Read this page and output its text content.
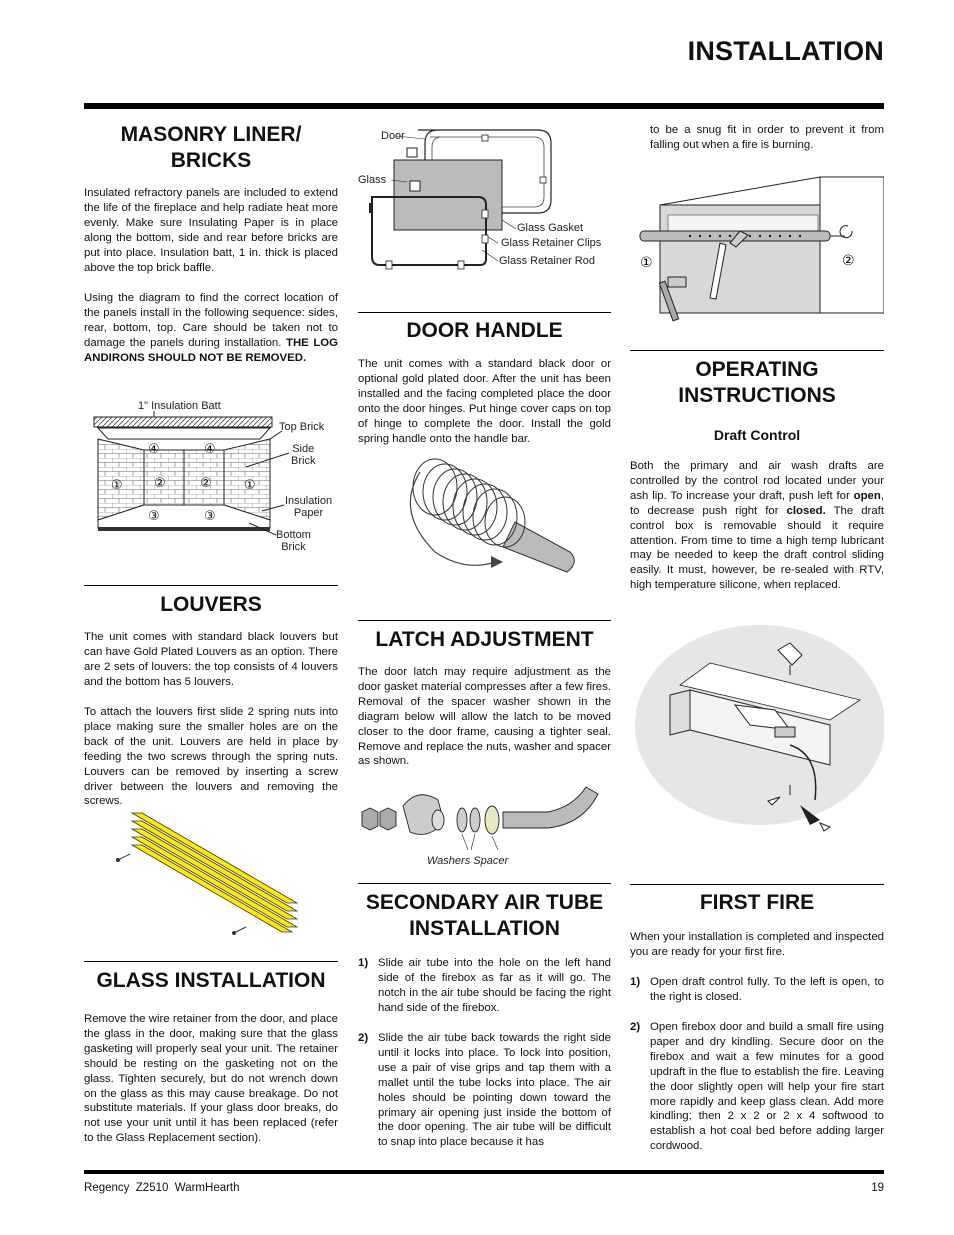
INSTALLATION
Regency  Z2510  WarmHearth	19
MASONRY LINER/
BRICKS

Insulated refractory panels are included to extend the life of the fireplace and help radiate heat more evenly. Make sure Insulating Paper is in place along the bottom, side and rear before bricks are put into place. Insulation batt, 1 in. thick is placed above the top brick baffle.

Using the diagram to find the correct location of the panels install in the following sequence: sides, rear, bottom, top. Care should be taken not to damage the panels during installation. THE LOG ANDIRONS SHOULD NOT BE REMOVED.
④	④
① ②	② ①
③	③
1" Insulation Batt
Top Brick
Side
Brick
Insulation
Paper
Bottom
Brick
LOUVERS

The unit comes with standard black louvers but can have Gold Plated Louvers as an option. There are 2 sets of louvers: the top consists of 4 louvers and the bottom has 5 louvers.

To attach the louvers first slide 2 spring nuts into place making sure the smaller holes are on the back of the unit. Louvers are held in place by feeding the two screws through the spring nuts. Louvers can be removed by inserting a screw driver between the louvers and removing the screws.

GLASS INSTALLATION

Remove the wire retainer from the door, and place the glass in the door, making sure that the glass gasketing will properly seal your unit. The retainer should be resting on the gasketing not on the glass. Tighten securely, but do not wrench down on the glass as this may cause breakage. Do not substitute materials. If your glass door breaks, do not use your unit until it has been replaced (refer to the Glass Replacement section).

Door
Glass
Glass Gasket
Glass Retainer Clips
Glass Retainer Rod
DOOR HANDLE

The unit comes with a standard black door or optional gold plated door. After the unit has been installed and the facing completed place the door onto the door hinges. Put hinge cover caps on top of hinge to complete the door. Install the gold spring handle onto the handle bar.

LATCH ADJUSTMENT

The door latch may require adjustment as the door gasket material compresses after a few fires. Removal of the spacer washer shown in the diagram below will allow the latch to be moved closer to the door frame, causing a tighter seal. Remove and replace the nuts, washer and spacer as shown.

Washers Spacer
SECONDARY AIR TUBE
INSTALLATION
1) Slide air tube into the hole on the left hand side of the firebox as far as it will go. The notch in the air tube should be facing the right hand side of the firebox.
2) Slide the air tube back towards the right side until it locks into place. To lock into position, use a pair of vise grips and tap them with a mallet until the tube locks into place. The air holes should be pointing down toward the primary air opening just inside the bottom of the door opening. The air tube will be difficult to snap into place because it has

to be a snug fit in order to prevent it from falling out when a fire is burning.

①	②
OPERATING
INSTRUCTIONS
Draft Control

Both the primary and air wash drafts are controlled by the control rod located under your ash lip. To increase your draft, push left for open, to decrease push right for closed. The draft control box is removable should it require attention. From time to time a high temp lubricant may be needed to keep the draft control sliding easily. It must, however, be re-sealed with RTV, high temperature silicone, when replaced.

FIRST FIRE

When your installation is completed and inspected you are ready for your first fire.

1) Open draft control fully. To the left is open, to the right is closed.
2) Open firebox door and build a small fire using paper and dry kindling. Secure door on the firebox and wait a few minutes for a good updraft in the flue to establish the fire. Leaving the door slightly open will help your fire start more rapidly and keep glass clean. Add more kindling; then 2 x 2 or 2 x 4 softwood to establish a hot coal bed before adding larger cordwood.
